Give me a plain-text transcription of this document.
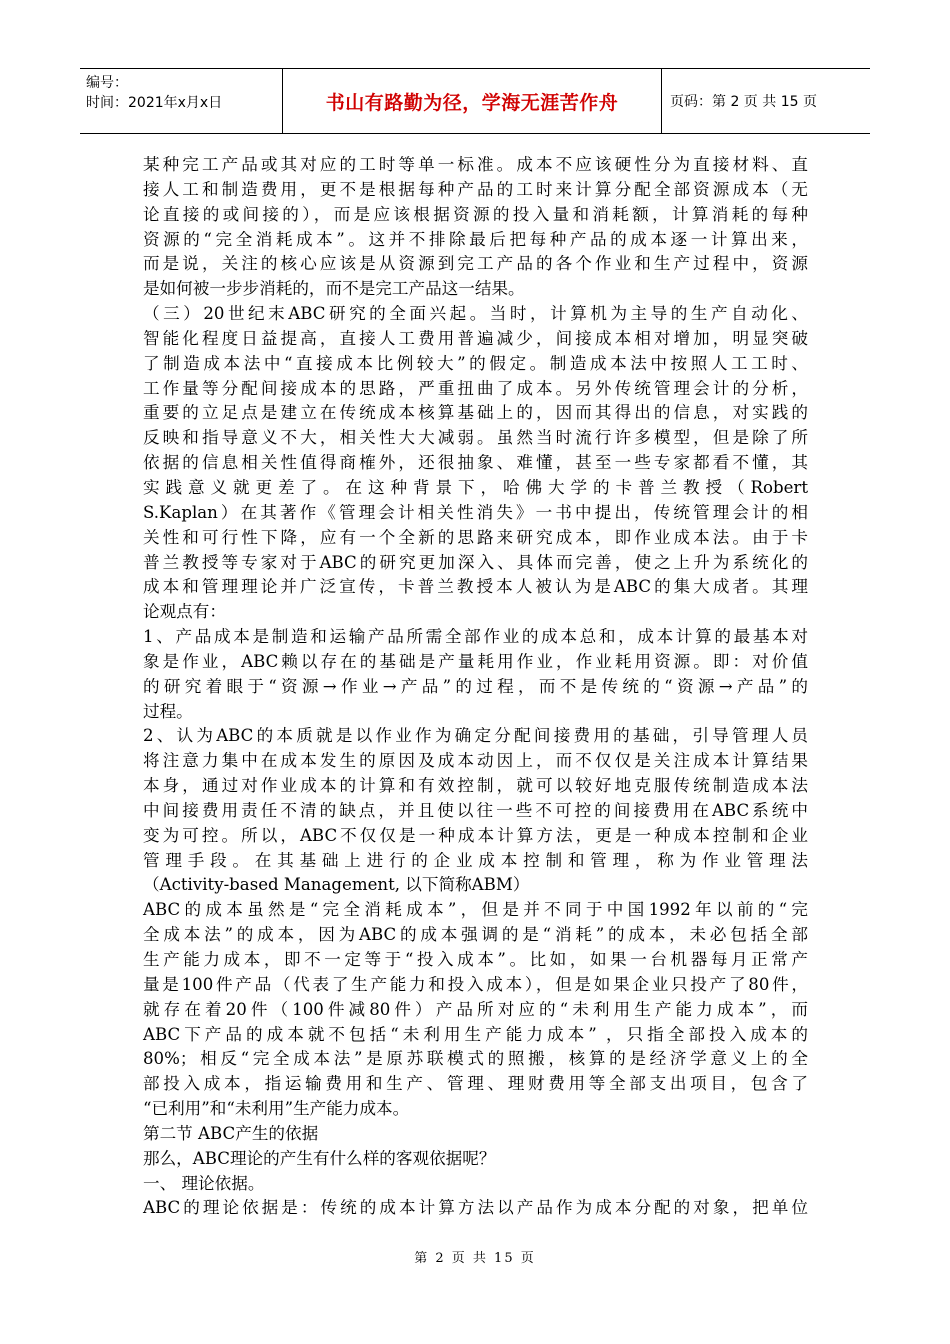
编号：
时间：2021年x月x日	书山有路勤为径，学海无涯苦作舟	页码：第 2 页 共 15 页
某种完工产品或其对应的工时等单一标准。成本不应该硬性分为直接材料、直
接人工和制造费用，更不是根据每种产品的工时来计算分配全部资源成本（无
论直接的或间接的），而是应该根据资源的投入量和消耗额，计算消耗的每种
资源的“完全消耗成本”。这并不排除最后把每种产品的成本逐一计算出来，
而是说，关注的核心应该是从资源到完工产品的各个作业和生产过程中，资源
是如何被一步步消耗的，而不是完工产品这一结果。
（三）20世纪末ABC研究的全面兴起。当时，计算机为主导的生产自动化、
智能化程度日益提高，直接人工费用普遍减少，间接成本相对增加，明显突破
了制造成本法中“直接成本比例较大”的假定。制造成本法中按照人工工时、
工作量等分配间接成本的思路，严重扭曲了成本。另外传统管理会计的分析，
重要的立足点是建立在传统成本核算基础上的，因而其得出的信息，对实践的
反映和指导意义不大，相关性大大减弱。虽然当时流行许多模型，但是除了所
依据的信息相关性值得商榷外，还很抽象、难懂，甚至一些专家都看不懂，其
实践意义就更差了。在这种背景下，哈佛大学的卡普兰教授（Robert
S.Kaplan）在其著作《管理会计相关性消失》一书中提出，传统管理会计的相
关性和可行性下降，应有一个全新的思路来研究成本，即作业成本法。由于卡
普兰教授等专家对于ABC的研究更加深入、具体而完善，使之上升为系统化的
成本和管理理论并广泛宣传，卡普兰教授本人被认为是ABC的集大成者。其理
论观点有：
1、产品成本是制造和运输产品所需全部作业的成本总和，成本计算的最基本对
象是作业，ABC赖以存在的基础是产量耗用作业，作业耗用资源。即：对价值
的研究着眼于“资源→作业→产品”的过程，而不是传统的“资源→产品”的
过程。
2、认为ABC的本质就是以作业作为确定分配间接费用的基础，引导管理人员
将注意力集中在成本发生的原因及成本动因上，而不仅仅是关注成本计算结果
本身，通过对作业成本的计算和有效控制，就可以较好地克服传统制造成本法
中间接费用责任不清的缺点，并且使以往一些不可控的间接费用在ABC系统中
变为可控。所以，ABC不仅仅是一种成本计算方法，更是一种成本控制和企业
管理手段。在其基础上进行的企业成本控制和管理，称为作业管理法
（Activity-based Management, 以下简称ABM）
ABC的成本虽然是“完全消耗成本”，但是并不同于中国1992年以前的“完
全成本法”的成本，因为ABC的成本强调的是“消耗”的成本，未必包括全部
生产能力成本，即不一定等于“投入成本”。比如，如果一台机器每月正常产
量是100件产品（代表了生产能力和投入成本），但是如果企业只投产了80件，
就存在着20件（100件减80件）产品所对应的“未利用生产能力成本”，而
ABC下产品的成本就不包括“未利用生产能力成本” ，只指全部投入成本的
80%；相反“完全成本法”是原苏联模式的照搬，核算的是经济学意义上的全
部投入成本，指运输费用和生产、管理、理财费用等全部支出项目，包含了
“已利用”和“未利用”生产能力成本。
第二节 ABC产生的依据
那么，ABC理论的产生有什么样的客观依据呢？
一、 理论依据。
ABC的理论依据是：传统的成本计算方法以产品作为成本分配的对象，把单位
第 2 页 共 15 页
